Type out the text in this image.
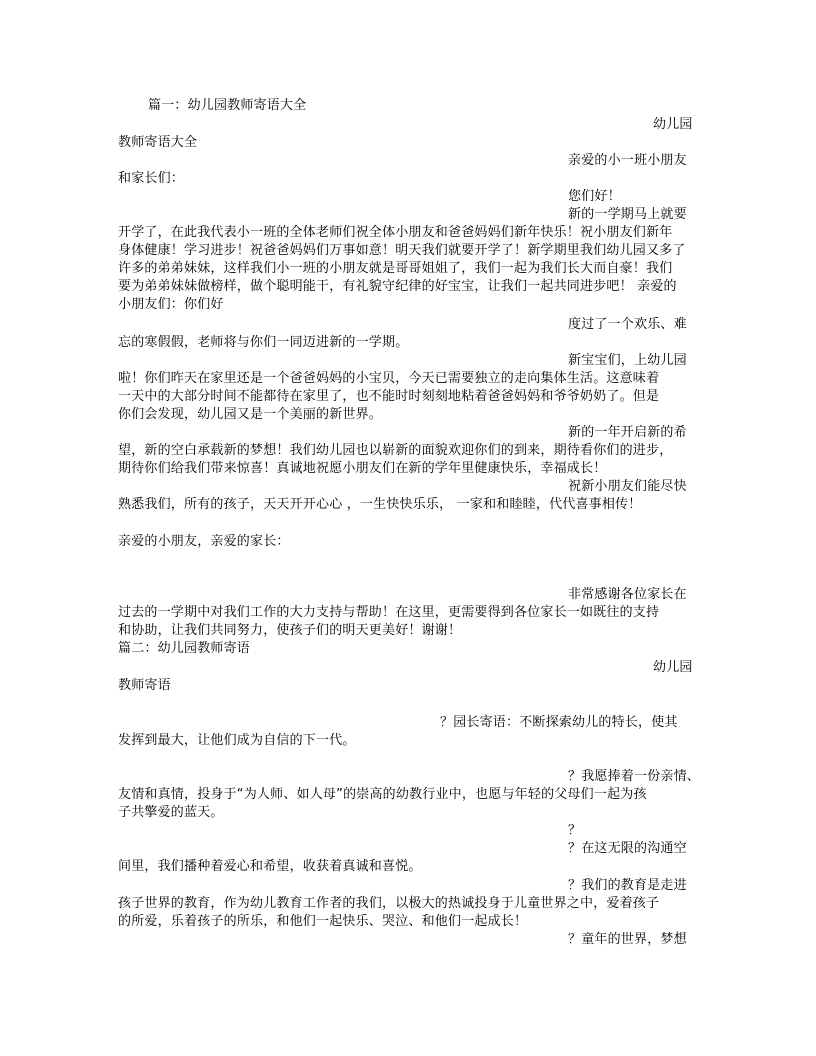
篇一：幼儿园教师寄语大全
幼儿园
教师寄语大全
亲爱的小一班小朋友
和家长们：
您们好！
新的一学期马上就要
开学了，在此我代表小一班的全体老师们祝全体小朋友和爸爸妈妈们新年快乐！祝小朋友们新年
身体健康！学习进步！祝爸爸妈妈们万事如意！明天我们就要开学了！新学期里我们幼儿园又多了
许多的弟弟妹妹，这样我们小一班的小朋友就是哥哥姐姐了，我们一起为我们长大而自豪！我们
要为弟弟妹妹做榜样，做个聪明能干，有礼貌守纪律的好宝宝，让我们一起共同进步吧！ 亲爱的
小朋友们：你们好
度过了一个欢乐、难
忘的寒假假，老师将与你们一同迈进新的一学期。
新宝宝们，上幼儿园
啦！你们昨天在家里还是一个爸爸妈妈的小宝贝，今天已需要独立的走向集体生活。这意味着
一天中的大部分时间不能都待在家里了，也不能时时刻刻地粘着爸爸妈妈和爷爷奶奶了。但是
你们会发现，幼儿园又是一个美丽的新世界。
新的一年开启新的希
望，新的空白承载新的梦想！我们幼儿园也以崭新的面貌欢迎你们的到来，期待看你们的进步，
期待你们给我们带来惊喜！真诚地祝愿小朋友们在新的学年里健康快乐，幸福成长！
祝新小朋友们能尽快
熟悉我们，所有的孩子，天天开开心心 ，一生快快乐乐， 一家和和睦睦，代代喜事相传！
亲爱的小朋友，亲爱的家长：
非常感谢各位家长在
过去的一学期中对我们工作的大力支持与帮助！在这里，更需要得到各位家长一如既往的支持
和协助，让我们共同努力，使孩子们的明天更美好！谢谢！
篇二：幼儿园教师寄语
幼儿园
教师寄语
？园长寄语：不断探索幼儿的特长，使其
发挥到最大，让他们成为自信的下一代。
？我愿捧着一份亲情、
友情和真情，投身于“为人师、如人母”的崇高的幼教行业中，也愿与年轻的父母们一起为孩
子共擎爱的蓝天。
？
？在这无限的沟通空
间里，我们播种着爱心和希望，收获着真诚和喜悦。
？我们的教育是走进
孩子世界的教育，作为幼儿教育工作者的我们，以极大的热诚投身于儿童世界之中，爱着孩子
的所爱，乐着孩子的所乐，和他们一起快乐、哭泣、和他们一起成长！
？童年的世界，梦想
